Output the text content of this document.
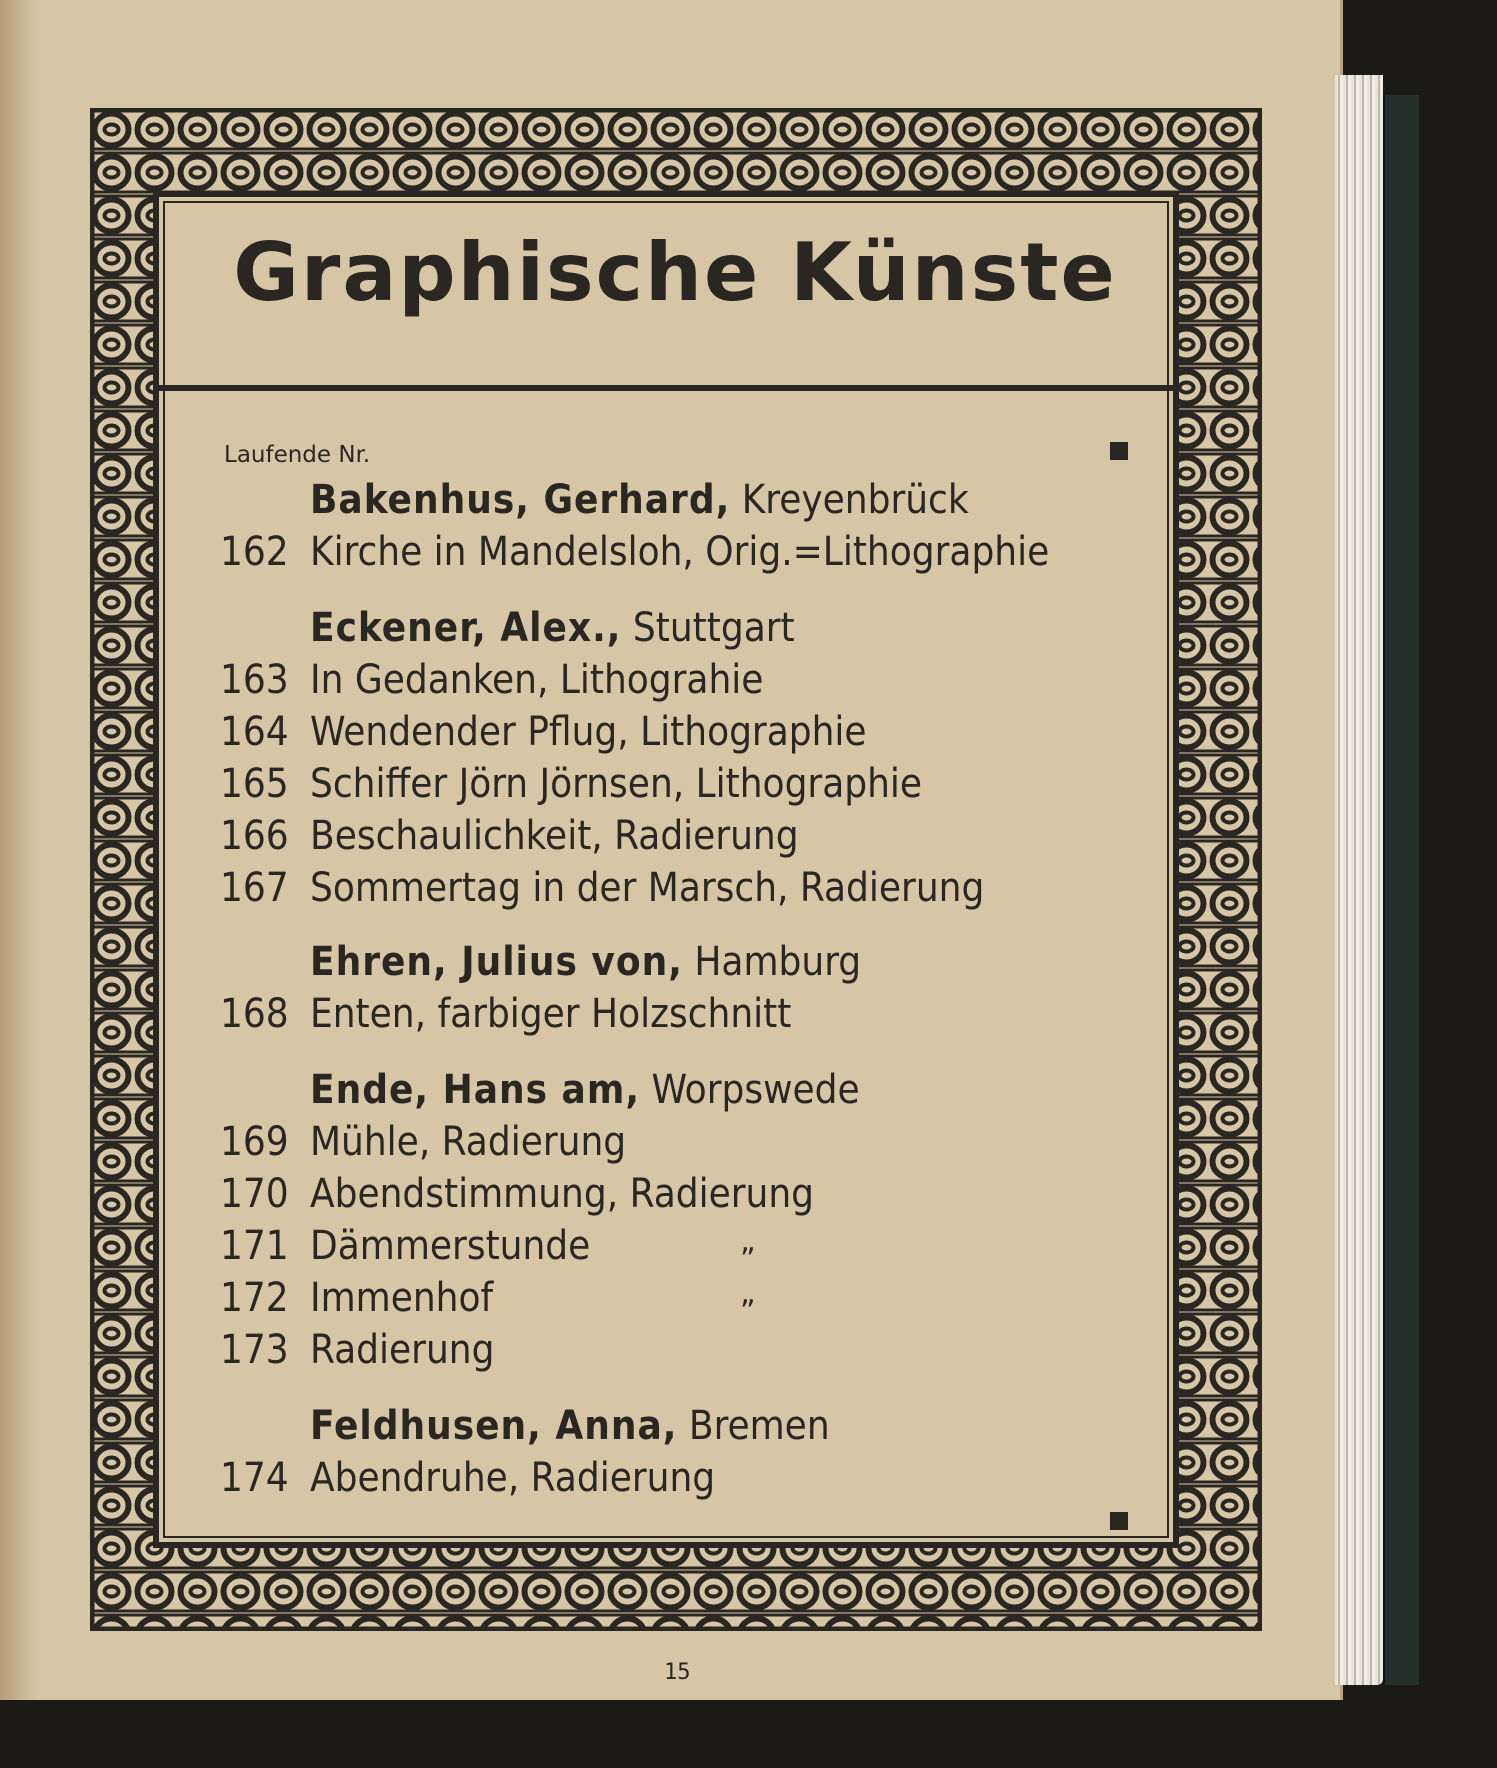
Graphische Künste
Laufende Nr.
Bakenhus, Gerhard, Kreyenbrück
162 Kirche in Mandelsloh, Orig.=Lithographie
Eckener, Alex., Stuttgart
163 In Gedanken, Lithograhie
164 Wendender Pflug, Lithographie
165 Schiffer Jörn Jörnsen, Lithographie
166 Beschaulichkeit, Radierung
167 Sommertag in der Marsch, Radierung
Ehren, Julius von, Hamburg
168 Enten, farbiger Holzschnitt
Ende, Hans am, Worpswede
169 Mühle, Radierung
170 Abendstimmung, Radierung
171 Dämmerstunde	„
172 Immenhof	„
173 Radierung
Feldhusen, Anna, Bremen
174 Abendruhe, Radierung
15
